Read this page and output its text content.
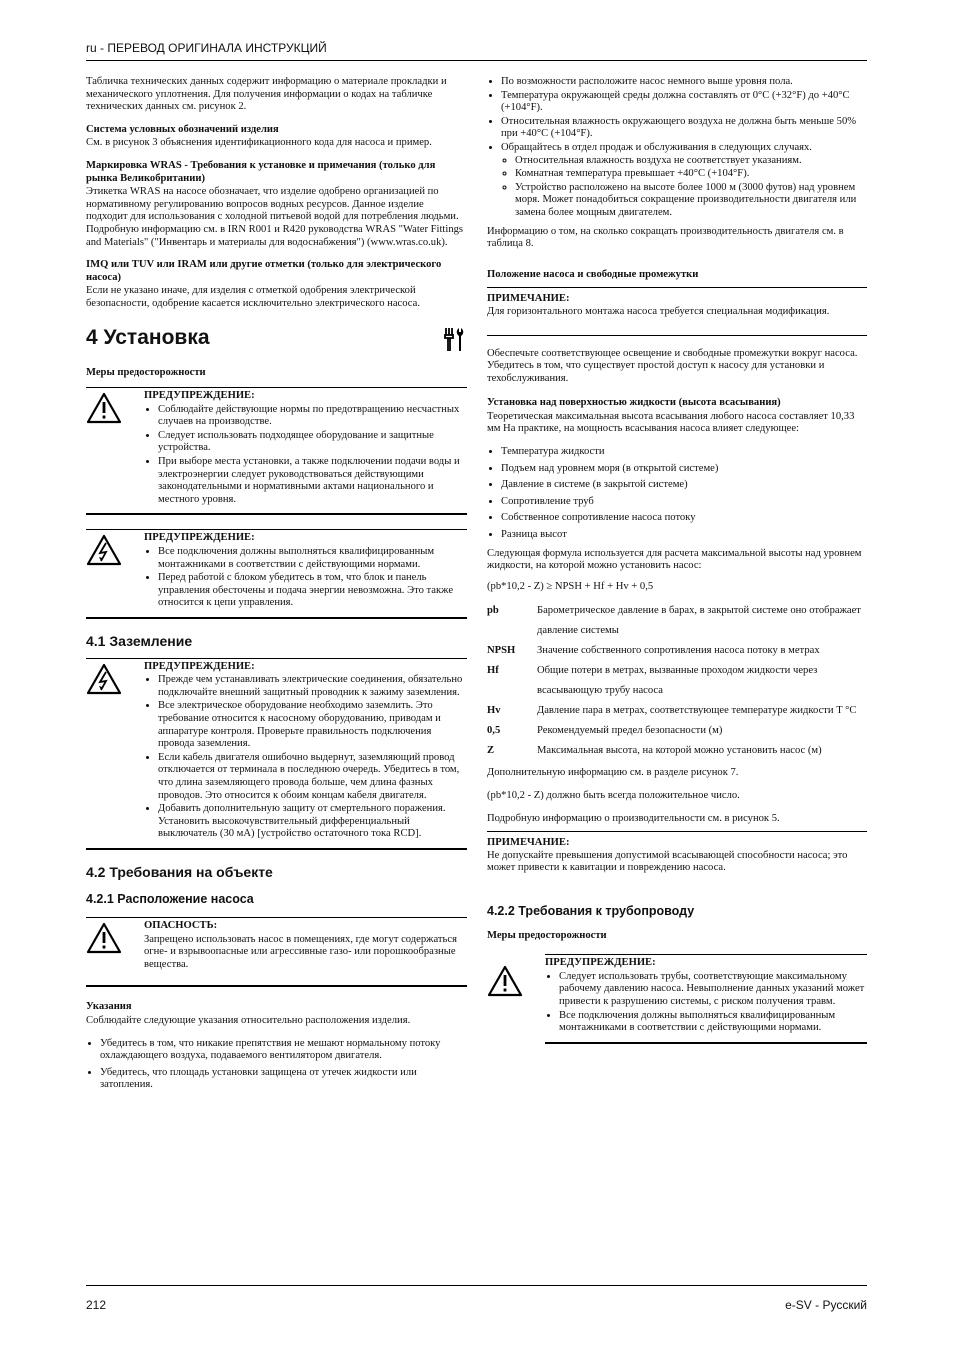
ru - ПЕРЕВОД ОРИГИНАЛА ИНСТРУКЦИЙ

Табличка технических данных содержит информацию о материале прокладки и механического уплотнения. Для получения информации о кодах на табличке технических данных см. рисунок 2.

Система условных обозначений изделия

См. в рисунок 3 объяснения идентификационного кода для насоса и пример.

Маркировка WRAS - Требования к установке и примечания (только для рынка Великобритании)

Этикетка WRAS на насосе обозначает, что изделие одобрено организацией по нормативному регулированию вопросов водных ресурсов. Данное изделие подходит для использования с холодной питьевой водой для потребления людьми. Подробную информацию см. в IRN R001 и R420 руководства WRAS "Water Fittings and Materials" ("Инвентарь и материалы для водоснабжения") (www.wras.co.uk).

IMQ или TUV или IRAM или другие отметки (только для электрического насоса)

Если не указано иначе, для изделия с отметкой одобрения электрической безопасности, одобрение касается исключительно электрического насоса.

4 Установка
Меры предосторожности
ПРЕДУПРЕЖДЕНИЕ:
• Соблюдайте действующие нормы по предотвращению несчастных случаев на производстве.
• Следует использовать подходящее оборудование и защитные устройства.
• При выборе места установки, а также подключении подачи воды и электроэнергии следует руководствоваться действующими законодательными и нормативными актами национального и местного уровня.
ПРЕДУПРЕЖДЕНИЕ:
• Все подключения должны выполняться квалифицированным монтажниками в соответствии с действующими нормами.
• Перед работой с блоком убедитесь в том, что блок и панель управления обесточены и подача энергии невозможна. Это также относится к цепи управления.
4.1 Заземление
ПРЕДУПРЕЖДЕНИЕ:
• Прежде чем устанавливать электрические соединения, обязательно подключайте внешний защитный проводник к зажиму заземления.
• Все электрическое оборудование необходимо заземлить. Это требование относится к насосному оборудованию, приводам и аппаратуре контроля. Проверьте правильность подключения провода заземления.
• Если кабель двигателя ошибочно выдернут, заземляющий провод отключается от терминала в последнюю очередь. Убедитесь в том, что длина заземляющего провода больше, чем длина фазных проводов. Это относится к обоим концам кабеля двигателя.
• Добавить дополнительную защиту от смертельного поражения. Установить высокочувствительный дифференциальный выключатель (30 мА) [устройство остаточного тока RCD].
4.2 Требования на объекте
4.2.1 Расположение насоса
ОПАСНОСТЬ:

Запрещено использовать насос в помещениях, где могут содержаться огне- и взрывоопасные или агрессивные газо- или порошкообразные вещества.

Указания

Соблюдайте следующие указания относительно расположения изделия.

• Убедитесь в том, что никакие препятствия не мешают нормальному потоку охлаждающего воздуха, подаваемого вентилятором двигателя.
• Убедитесь, что площадь установки защищена от утечек жидкости или затопления.
• По возможности расположите насос немного выше уровня пола.
• Температура окружающей среды должна составлять от 0°C (+32°F) до +40°C (+104°F).
• Относительная влажность окружающего воздуха не должна быть меньше 50% при +40°C (+104°F).
• Обращайтесь в отдел продаж и обслуживания в следующих случаях.
◦ Относительная влажность воздуха не соответствует указаниям.
◦ Комнатная температура превышает +40°C (+104°F).
◦ Устройство расположено на высоте более 1000 м (3000 футов) над уровнем моря. Может понадобиться сокращение производительности двигателя или замена более мощным двигателем.

Информацию о том, на сколько сокращать производительность двигателя см. в таблица 8.

Положение насоса и свободные промежутки
ПРИМЕЧАНИЕ:

Для горизонтального монтажа насоса требуется специальная модификация.

Обеспечьте соответствующее освещение и свободные промежутки вокруг насоса. Убедитесь в том, что существует простой доступ к насосу для установки и техобслуживания.

Установка над поверхностью жидкости (высота всасывания)

Теоретическая максимальная высота всасывания любого насоса составляет 10,33 мм На практике, на мощность всасывания насоса влияет следующее:

• Температура жидкости
• Подъем над уровнем моря (в открытой системе)
• Давление в системе (в закрытой системе)
• Сопротивление труб
• Собственное сопротивление насоса потоку
• Разница высот

Следующая формула используется для расчета максимальной высоты над уровнем жидкости, на которой можно установить насос:

(pb*10,2 - Z) ≥ NPSH + Hf + Hv + 0,5

pb	Барометрическое давление в барах, в закрытой системе оно отображает давление системы
NPSH	Значение собственного сопротивления насоса потоку в метрах
Hf	Общие потери в метрах, вызванные проходом жидкости через всасывающую трубу насоса
Hv	Давление пара в метрах, соответствующее температуре жидкости T °C
0,5	Рекомендуемый предел безопасности (м)
Z	Максимальная высота, на которой можно установить насос (м)

Дополнительную информацию см. в разделе рисунок 7.

(pb*10,2 - Z) должно быть всегда положительное число.

Подробную информацию о производительности см. в рисунок 5.

ПРИМЕЧАНИЕ:

Не допускайте превышения допустимой всасывающей способности насоса; это может привести к кавитации и повреждению насоса.

4.2.2 Требования к трубопроводу
Меры предосторожности
ПРЕДУПРЕЖДЕНИЕ:
• Следует использовать трубы, соответствующие максимальному рабочему давлению насоса. Невыполнение данных указаний может привести к разрушению системы, с риском получения травм.
• Все подключения должны выполняться квалифицированным монтажниками в соответствии с действующими нормами.
212	e-SV - Русский
